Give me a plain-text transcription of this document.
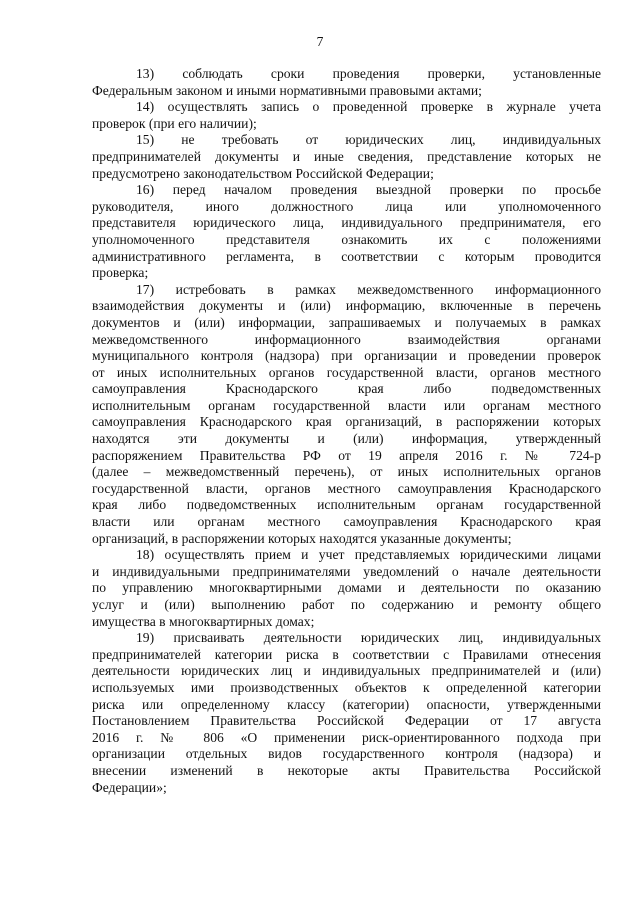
7

13) соблюдать сроки проведения проверки, установленные
Федеральным законом и иными нормативными правовыми актами;

14) осуществлять запись о проведенной проверке в журнале учета
проверок (при его наличии);

15) не требовать от юридических лиц, индивидуальных
предпринимателей документы и иные сведения, представление которых не
предусмотрено законодательством Российской Федерации;

16) перед началом проведения выездной проверки по просьбе
руководителя, иного должностного лица или уполномоченного
представителя юридического лица, индивидуального предпринимателя, его
уполномоченного представителя ознакомить их с положениями
административного регламента, в соответствии с которым проводится
проверка;

17) истребовать в рамках межведомственного информационного
взаимодействия документы и (или) информацию, включенные в перечень
документов и (или) информации, запрашиваемых и получаемых в рамках
межведомственного информационного взаимодействия органами
муниципального контроля (надзора) при организации и проведении проверок
от иных исполнительных органов государственной власти, органов местного
самоуправления Краснодарского края либо подведомственных
исполнительным органам государственной власти или органам местного
самоуправления Краснодарского края организаций, в распоряжении которых
находятся эти документы и (или) информация, утвержденный
распоряжением Правительства РФ от 19 апреля 2016 г. № 724-р
(далее – межведомственный перечень), от иных исполнительных органов
государственной власти, органов местного самоуправления Краснодарского
края либо подведомственных исполнительным органам государственной
власти или органам местного самоуправления Краснодарского края
организаций, в распоряжении которых находятся указанные документы;

18) осуществлять прием и учет представляемых юридическими лицами
и индивидуальными предпринимателями уведомлений о начале деятельности
по управлению многоквартирными домами и деятельности по оказанию
услуг и (или) выполнению работ по содержанию и ремонту общего
имущества в многоквартирных домах;

19) присваивать деятельности юридических лиц, индивидуальных
предпринимателей категории риска в соответствии с Правилами отнесения
деятельности юридических лиц и индивидуальных предпринимателей и (или)
используемых ими производственных объектов к определенной категории
риска или определенному классу (категории) опасности, утвержденными
Постановлением Правительства Российской Федерации от 17 августа
2016 г. № 806 «О применении риск-ориентированного подхода при
организации отдельных видов государственного контроля (надзора) и
внесении изменений в некоторые акты Правительства Российской
Федерации»;
